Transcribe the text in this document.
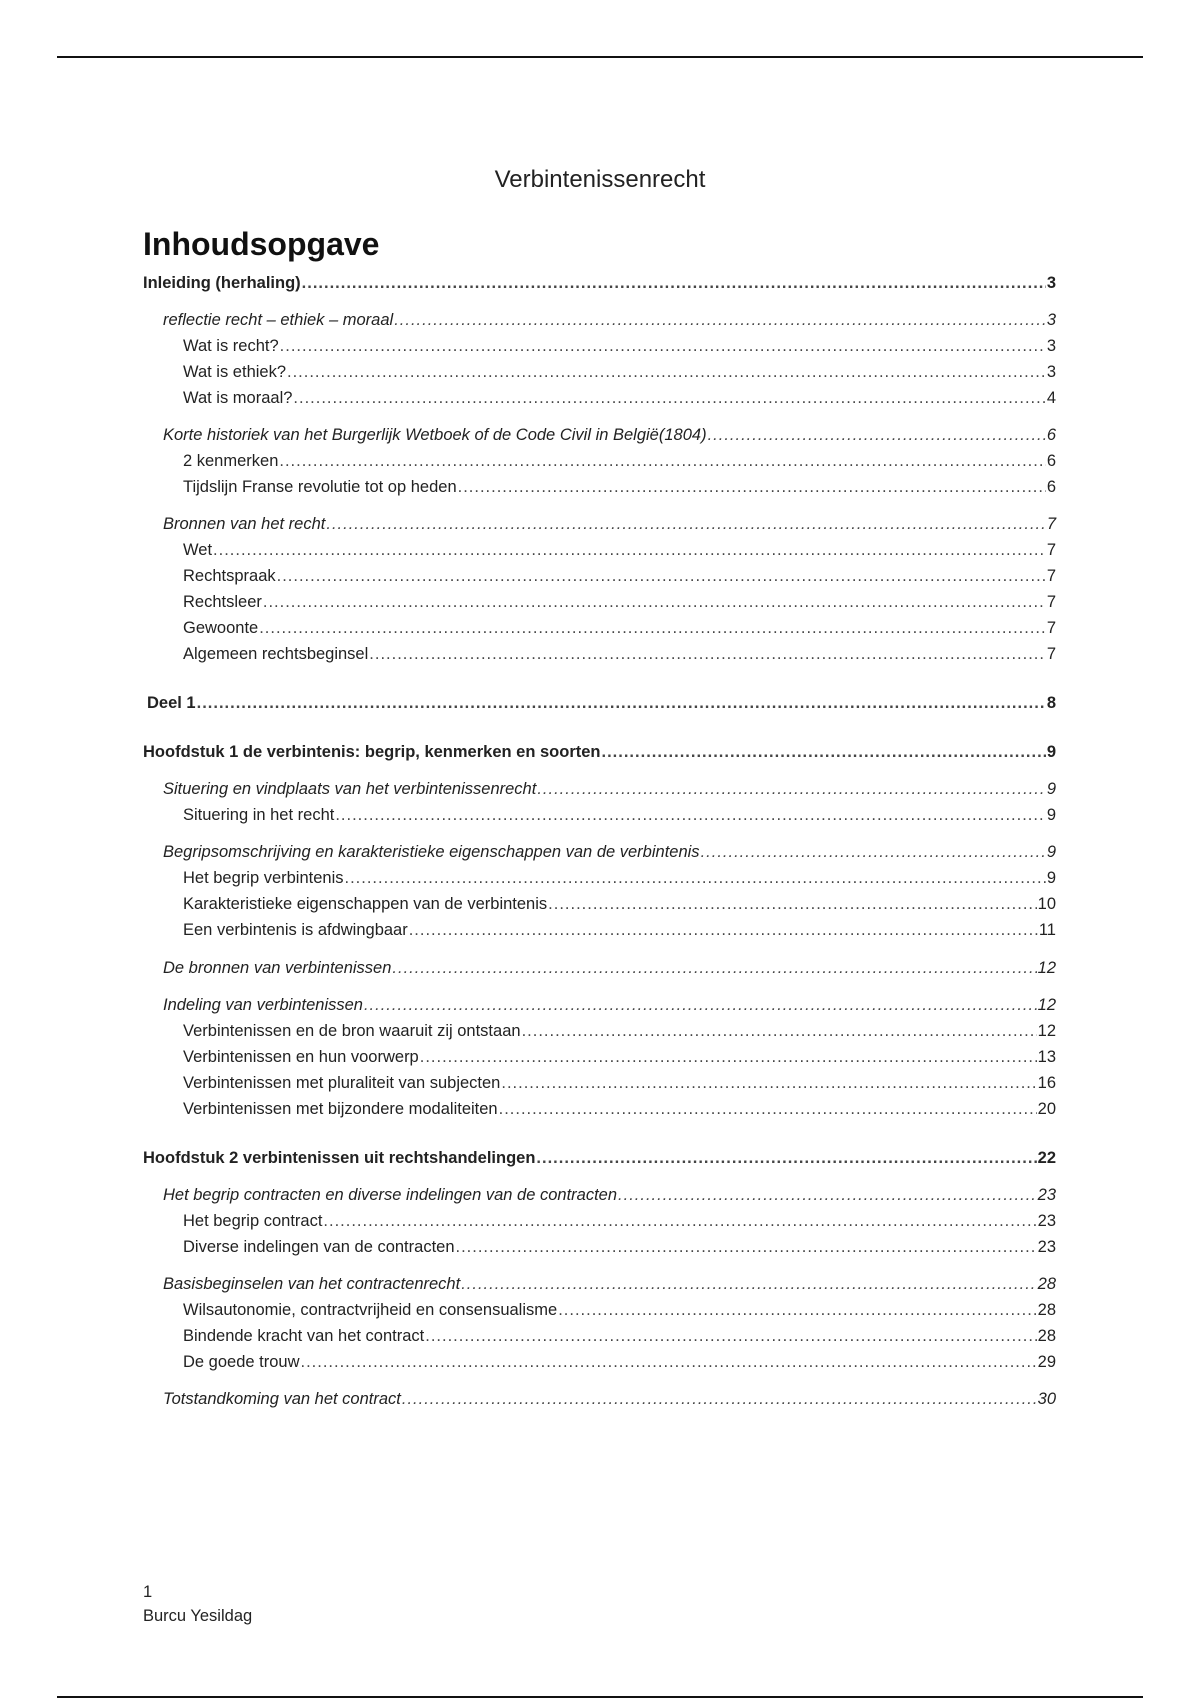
Verbintenissenrecht
Inhoudsopgave
Inleiding (herhaling) .....	3
reflectie recht – ethiek – moraal .....	3
Wat is recht? .....	3
Wat is ethiek? .....	3
Wat is moraal? .....	4
Korte historiek van het Burgerlijk Wetboek of de Code Civil in België(1804) .....	6
2 kenmerken .....	6
Tijdslijn Franse revolutie tot op heden .....	6
Bronnen van het recht .....	7
Wet .....	7
Rechtspraak .....	7
Rechtsleer .....	7
Gewoonte .....	7
Algemeen rechtsbeginsel .....	7
Deel 1 .....	8
Hoofdstuk 1 de verbintenis: begrip, kenmerken en soorten .....	9
Situering en vindplaats van het verbintenissenrecht .....	9
Situering in het recht .....	9
Begripsomschrijving en karakteristieke eigenschappen van de verbintenis .....	9
Het begrip verbintenis .....	9
Karakteristieke eigenschappen van de verbintenis .....	10
Een verbintenis is afdwingbaar .....	11
De bronnen van verbintenissen .....	12
Indeling van verbintenissen .....	12
Verbintenissen en de bron waaruit zij ontstaan .....	12
Verbintenissen en hun voorwerp .....	13
Verbintenissen met pluraliteit van subjecten .....	16
Verbintenissen met bijzondere modaliteiten .....	20
Hoofdstuk 2 verbintenissen uit rechtshandelingen .....	22
Het begrip contracten en diverse indelingen van de contracten .....	23
Het begrip contract .....	23
Diverse indelingen van de contracten .....	23
Basisbeginselen van het contractenrecht .....	28
Wilsautonomie, contractvrijheid en consensualisme .....	28
Bindende kracht van het contract .....	28
De goede trouw .....	29
Totstandkoming van het contract .....	30
1
Burcu Yesildag
